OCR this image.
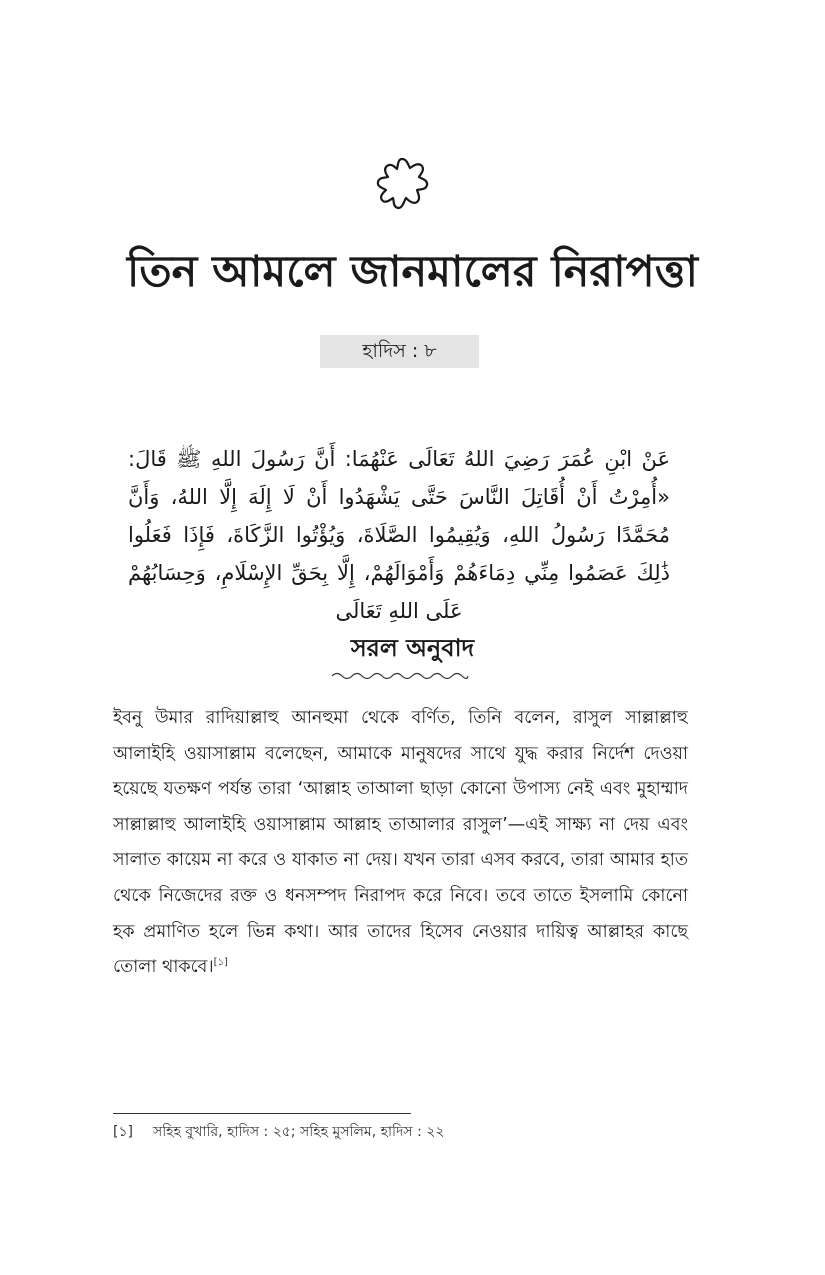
তিন আমলে জানমালের নিরাপত্তা
হাদিস : ৮
عَنْ ابْنِ عُمَرَ رَضِيَ اللهُ تَعَالَى عَنْهُمَا: أَنَّ رَسُولَ اللهِ ﷺ قَالَ: «أُمِرْتُ أَنْ أُقَاتِلَ النَّاسَ حَتَّى يَشْهَدُوا أَنْ لَا إِلَهَ إِلَّا اللهُ، وَأَنَّ مُحَمَّدًا رَسُولُ اللهِ، وَيُقِيمُوا الصَّلَاةَ، وَيُؤْتُوا الزَّكَاةَ، فَإِذَا فَعَلُوا ذَٰلِكَ عَصَمُوا مِنِّي دِمَاءَهُمْ وَأَمْوَالَهُمْ، إِلَّا بِحَقِّ الإِسْلَامِ، وَحِسَابُهُمْ عَلَى اللهِ تَعَالَى
সরল অনুবাদ

ইবনু উমার রাদিয়াল্লাহু আনহুমা থেকে বর্ণিত, তিনি বলেন, রাসুল সাল্লাল্লাহু আলাইহি ওয়াসাল্লাম বলেছেন, আমাকে মানুষদের সাথে যুদ্ধ করার নির্দেশ দেওয়া হয়েছে যতক্ষণ পর্যন্ত তারা ‘আল্লাহ তাআলা ছাড়া কোনো উপাস্য নেই এবং মুহাম্মাদ সাল্লাল্লাহু আলাইহি ওয়াসাল্লাম আল্লাহ তাআলার রাসুল’—এই সাক্ষ্য না দেয় এবং সালাত কায়েম না করে ও যাকাত না দেয়। যখন তারা এসব করবে, তারা আমার হাত থেকে নিজেদের রক্ত ও ধনসম্পদ নিরাপদ করে নিবে। তবে তাতে ইসলামি কোনো হক প্রমাণিত হলে ভিন্ন কথা। আর তাদের হিসেব নেওয়ার দায়িত্ব আল্লাহর কাছে তোলা থাকবে।[১]

[১] সহিহ বুখারি, হাদিস : ২৫; সহিহ মুসলিম, হাদিস : ২২
